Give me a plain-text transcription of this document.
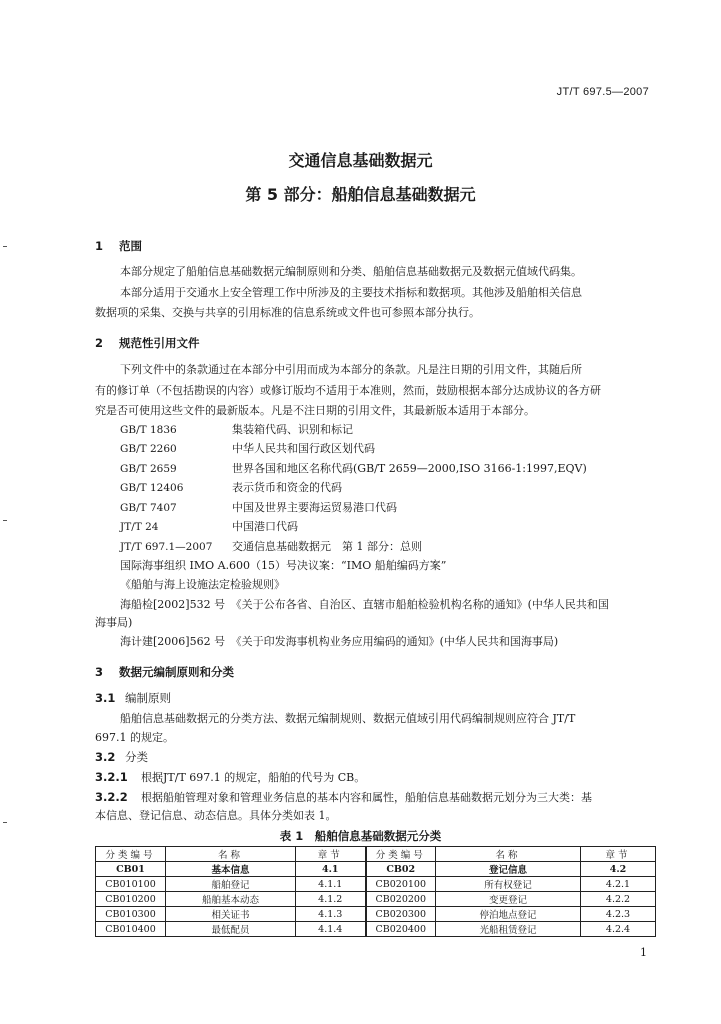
JT/T 697.5—2007
交通信息基础数据元
第 5 部分：船舶信息基础数据元
1 范围
本部分规定了船舶信息基础数据元编制原则和分类、船舶信息基础数据元及数据元值域代码集。
本部分适用于交通水上安全管理工作中所涉及的主要技术指标和数据项。其他涉及船舶相关信息
数据项的采集、交换与共享的引用标准的信息系统或文件也可参照本部分执行。
2 规范性引用文件
下列文件中的条款通过在本部分中引用而成为本部分的条款。凡是注日期的引用文件，其随后所
有的修订单（不包括勘误的内容）或修订版均不适用于本准则，然而，鼓励根据本部分达成协议的各方研
究是否可使用这些文件的最新版本。凡是不注日期的引用文件，其最新版本适用于本部分。
GB/T 1836	集装箱代码、识别和标记
GB/T 2260	中华人民共和国行政区划代码
GB/T 2659	世界各国和地区名称代码(GB/T 2659—2000,ISO 3166-1:1997,EQV)
GB/T 12406	表示货币和资金的代码
GB/T 7407	中国及世界主要海运贸易港口代码
JT/T 24	中国港口代码
JT/T 697.1—2007 交通信息基础数据元　第 1 部分：总则
国际海事组织 IMO A.600（15）号决议案：“IMO 船舶编码方案”
《船舶与海上设施法定检验规则》
海船检[2002]532 号　《关于公布各省、自治区、直辖市船舶检验机构名称的通知》(中华人民共和国
海事局)
海计建[2006]562 号　《关于印发海事机构业务应用编码的通知》(中华人民共和国海事局)
3 数据元编制原则和分类
3.1 编制原则
船舶信息基础数据元的分类方法、数据元编制规则、数据元值域引用代码编制规则应符合 JT/T
697.1 的规定。
3.2 分类
3.2.1 根据JT/T 697.1 的规定，船舶的代号为 CB。
3.2.2 根据船舶管理对象和管理业务信息的基本内容和属性，船舶信息基础数据元划分为三大类：基
本信息、登记信息、动态信息。具体分类如表 1。
表 1　船舶信息基础数据元分类
分类编号	名称	章节	分类编号	名称	章节
CB01	基本信息	4.1	CB02	登记信息	4.2
CB010100	船舶登记	4.1.1	CB020100	所有权登记	4.2.1
CB010200	船舶基本动态	4.1.2	CB020200	变更登记	4.2.2
CB010300	相关证书	4.1.3	CB020300	停泊地点登记	4.2.3
CB010400	最低配员	4.1.4	CB020400	光船租赁登记	4.2.4
1
